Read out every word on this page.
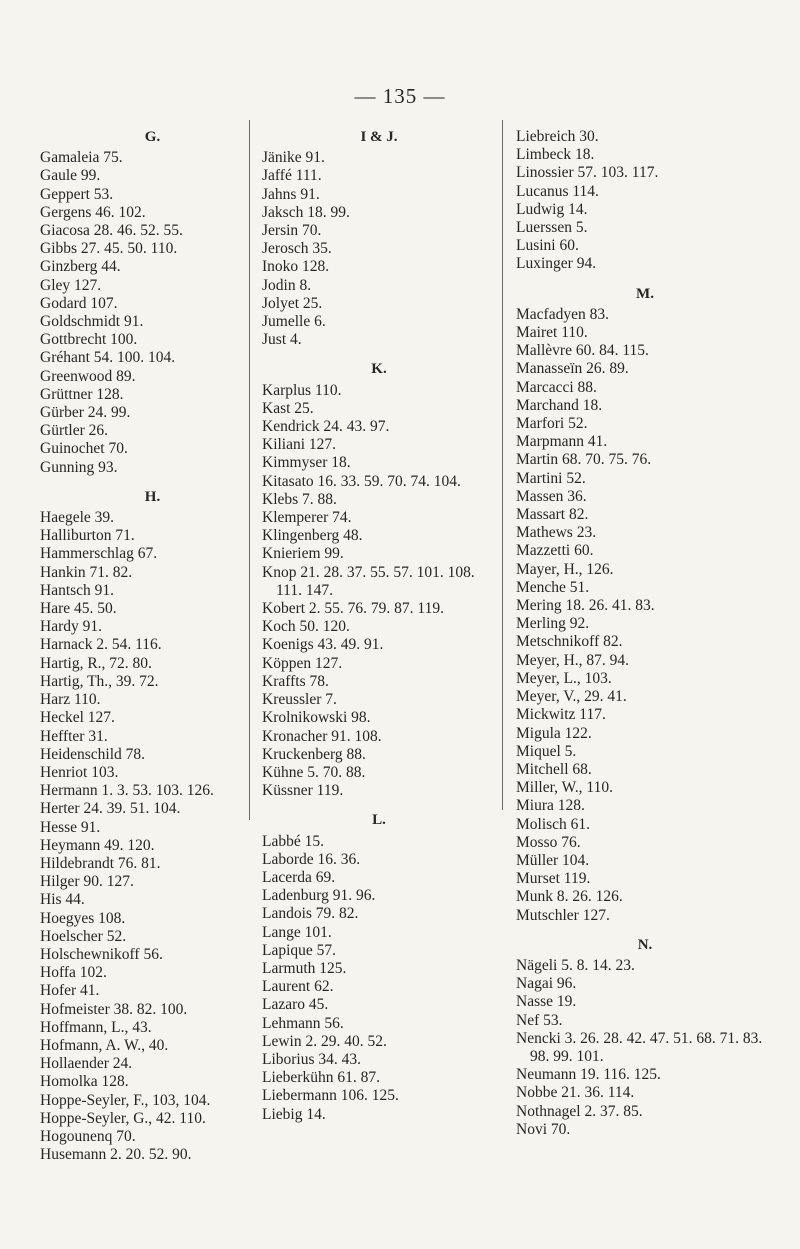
— 135 —
G.
Gamaleia 75.
Gaule 99.
Geppert 53.
Gergens 46. 102.
Giacosa 28. 46. 52. 55.
Gibbs 27. 45. 50. 110.
Ginzberg 44.
Gley 127.
Godard 107.
Goldschmidt 91.
Gottbrecht 100.
Gréhant 54. 100. 104.
Greenwood 89.
Grüttner 128.
Gürber 24. 99.
Gürtler 26.
Guinochet 70.
Gunning 93.
H.
Haegele 39.
Halliburton 71.
Hammerschlag 67.
Hankin 71. 82.
Hantsch 91.
Hare 45. 50.
Hardy 91.
Harnack 2. 54. 116.
Hartig, R., 72. 80.
Hartig, Th., 39. 72.
Harz 110.
Heckel 127.
Heffter 31.
Heidenschild 78.
Henriot 103.
Hermann 1. 3. 53. 103. 126.
Herter 24. 39. 51. 104.
Hesse 91.
Heymann 49. 120.
Hildebrandt 76. 81.
Hilger 90. 127.
His 44.
Hoegyes 108.
Hoelscher 52.
Holschewnikoff 56.
Hoffa 102.
Hofer 41.
Hofmeister 38. 82. 100.
Hoffmann, L., 43.
Hofmann, A. W., 40.
Hollaender 24.
Homolka 128.
Hoppe-Seyler, F., 103, 104.
Hoppe-Seyler, G., 42. 110.
Hogounenq 70.
Husemann 2. 20. 52. 90.
I & J.
Jänike 91.
Jaffé 111.
Jahns 91.
Jaksch 18. 99.
Jersin 70.
Jerosch 35.
Inoko 128.
Jodin 8.
Jolyet 25.
Jumelle 6.
Just 4.
K.
Karplus 110.
Kast 25.
Kendrick 24. 43. 97.
Kiliani 127.
Kimmyser 18.
Kitasato 16. 33. 59. 70. 74. 104.
Klebs 7. 88.
Klemperer 74.
Klingenberg 48.
Knieriem 99.
Knop 21. 28. 37. 55. 57. 101. 108. 111. 147.
Kobert 2. 55. 76. 79. 87. 119.
Koch 50. 120.
Koenigs 43. 49. 91.
Köppen 127.
Kraffts 78.
Kreussler 7.
Krolnikowski 98.
Kronacher 91. 108.
Kruckenberg 88.
Kühne 5. 70. 88.
Küssner 119.
L.
Labbé 15.
Laborde 16. 36.
Lacerda 69.
Ladenburg 91. 96.
Landois 79. 82.
Lange 101.
Lapique 57.
Larmuth 125.
Laurent 62.
Lazaro 45.
Lehmann 56.
Lewin 2. 29. 40. 52.
Liborius 34. 43.
Lieberkühn 61. 87.
Liebermann 106. 125.
Liebig 14.
Liebreich 30.
Limbeck 18.
Linossier 57. 103. 117.
Lucanus 114.
Ludwig 14.
Luerssen 5.
Lusini 60.
Luxinger 94.
M.
Macfadyen 83.
Mairet 110.
Mallèvre 60. 84. 115.
Manasseïn 26. 89.
Marcacci 88.
Marchand 18.
Marfori 52.
Marpmann 41.
Martin 68. 70. 75. 76.
Martini 52.
Massen 36.
Massart 82.
Mathews 23.
Mazzetti 60.
Mayer, H., 126.
Menche 51.
Mering 18. 26. 41. 83.
Merling 92.
Metschnikoff 82.
Meyer, H., 87. 94.
Meyer, L., 103.
Meyer, V., 29. 41.
Mickwitz 117.
Migula 122.
Miquel 5.
Mitchell 68.
Miller, W., 110.
Miura 128.
Molisch 61.
Mosso 76.
Müller 104.
Murset 119.
Munk 8. 26. 126.
Mutschler 127.
N.
Nägeli 5. 8. 14. 23.
Nagai 96.
Nasse 19.
Nef 53.
Nencki 3. 26. 28. 42. 47. 51. 68. 71. 83. 98. 99. 101.
Neumann 19. 116. 125.
Nobbe 21. 36. 114.
Nothnagel 2. 37. 85.
Novi 70.
